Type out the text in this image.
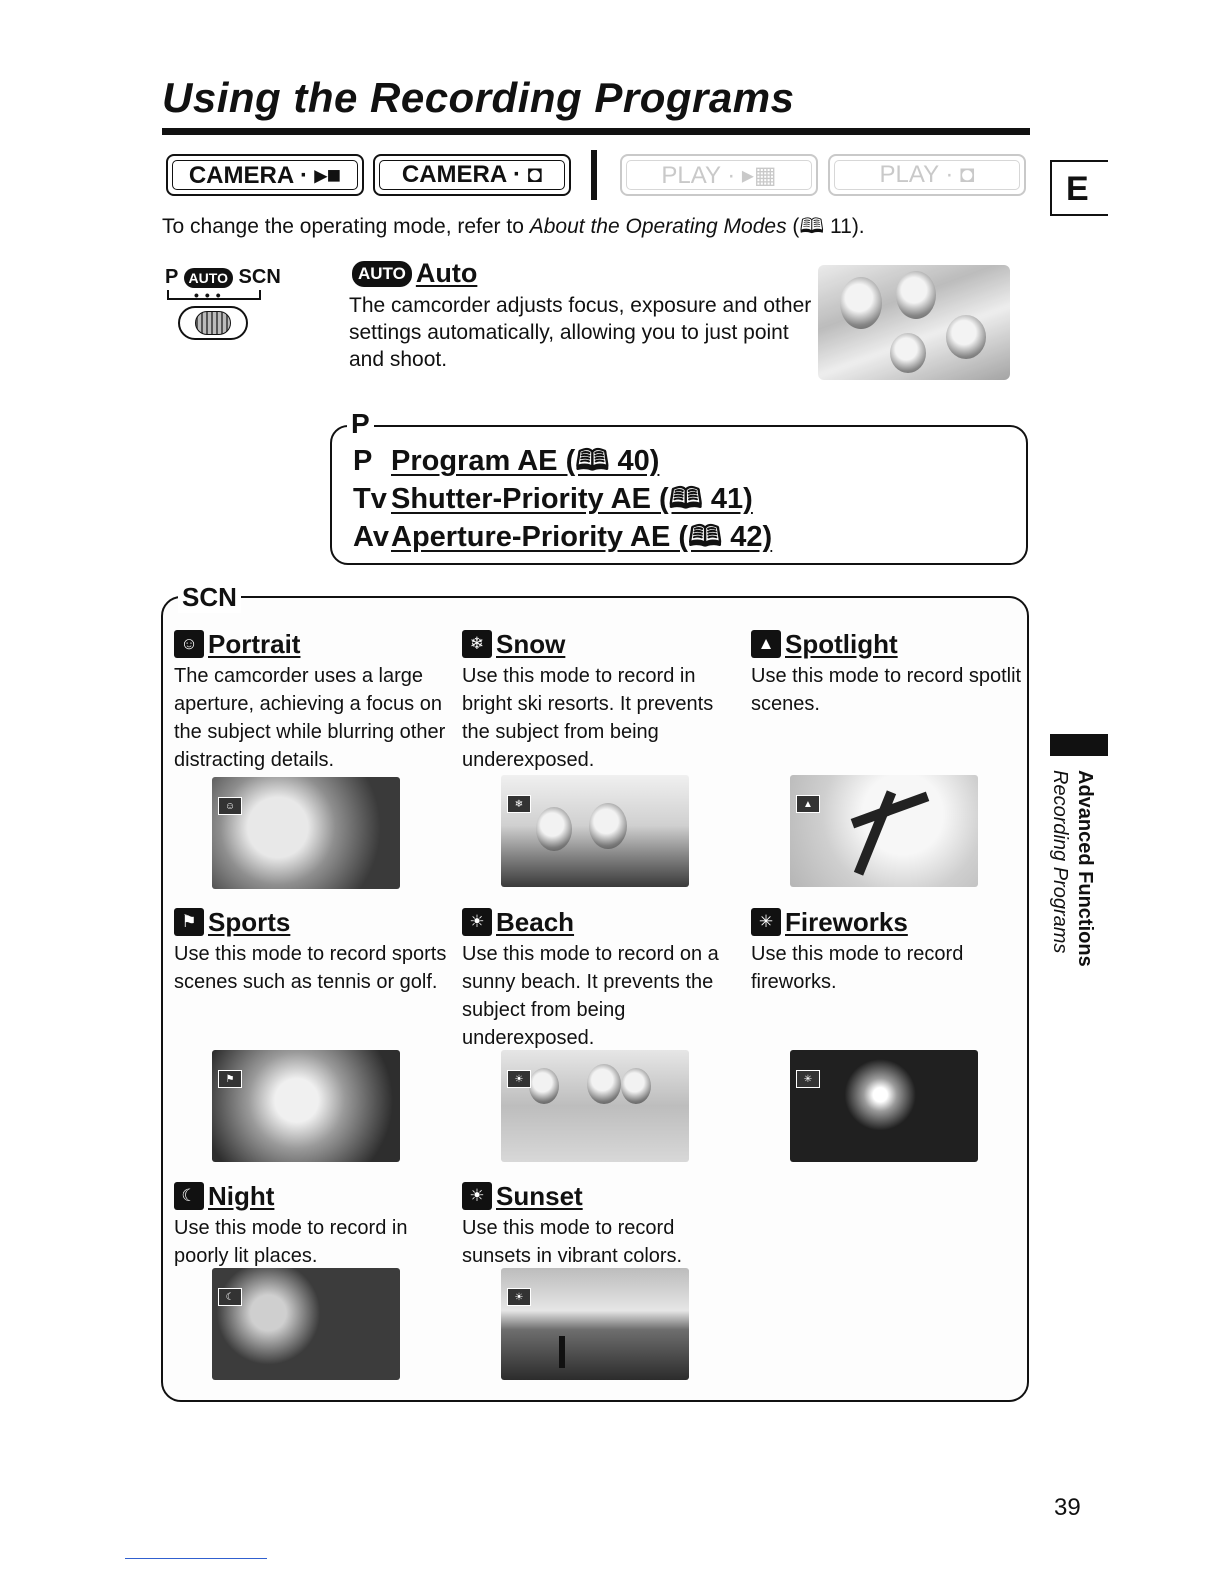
Using the Recording Programs
CAMERA · ▸■	CAMERA · ◘	PLAY · ▸▦	PLAY · ◘	E
To change the operating mode, refer to About the Operating Modes (🕮 11).
P AUTO SCN
•••
AUTO Auto
The camcorder adjusts focus, exposure and other settings automatically, allowing you to just point and shoot.
P
P Program AE (🕮 40)
Tv Shutter-Priority AE (🕮 41)
AvAperture-Priority AE (🕮 42)
SCN
☺ Portrait
The camcorder uses a large aperture, achieving a focus on the subject while blurring other distracting details.
❄ Snow
Use this mode to record in bright ski resorts. It prevents the subject from being underexposed.
▲ Spotlight
Use this mode to record spotlit scenes.
☺	❄	▲
⚑ Sports
Use this mode to record sports scenes such as tennis or golf.
☀ Beach
Use this mode to record on a sunny beach. It prevents the subject from being underexposed.
✳ Fireworks
Use this mode to record fireworks.
⚑	☀	✳
☾ Night
Use this mode to record in poorly lit places.
☀ Sunset
Use this mode to record sunsets in vibrant colors.
☾	☀
Advanced Functions
Recording Programs
39
